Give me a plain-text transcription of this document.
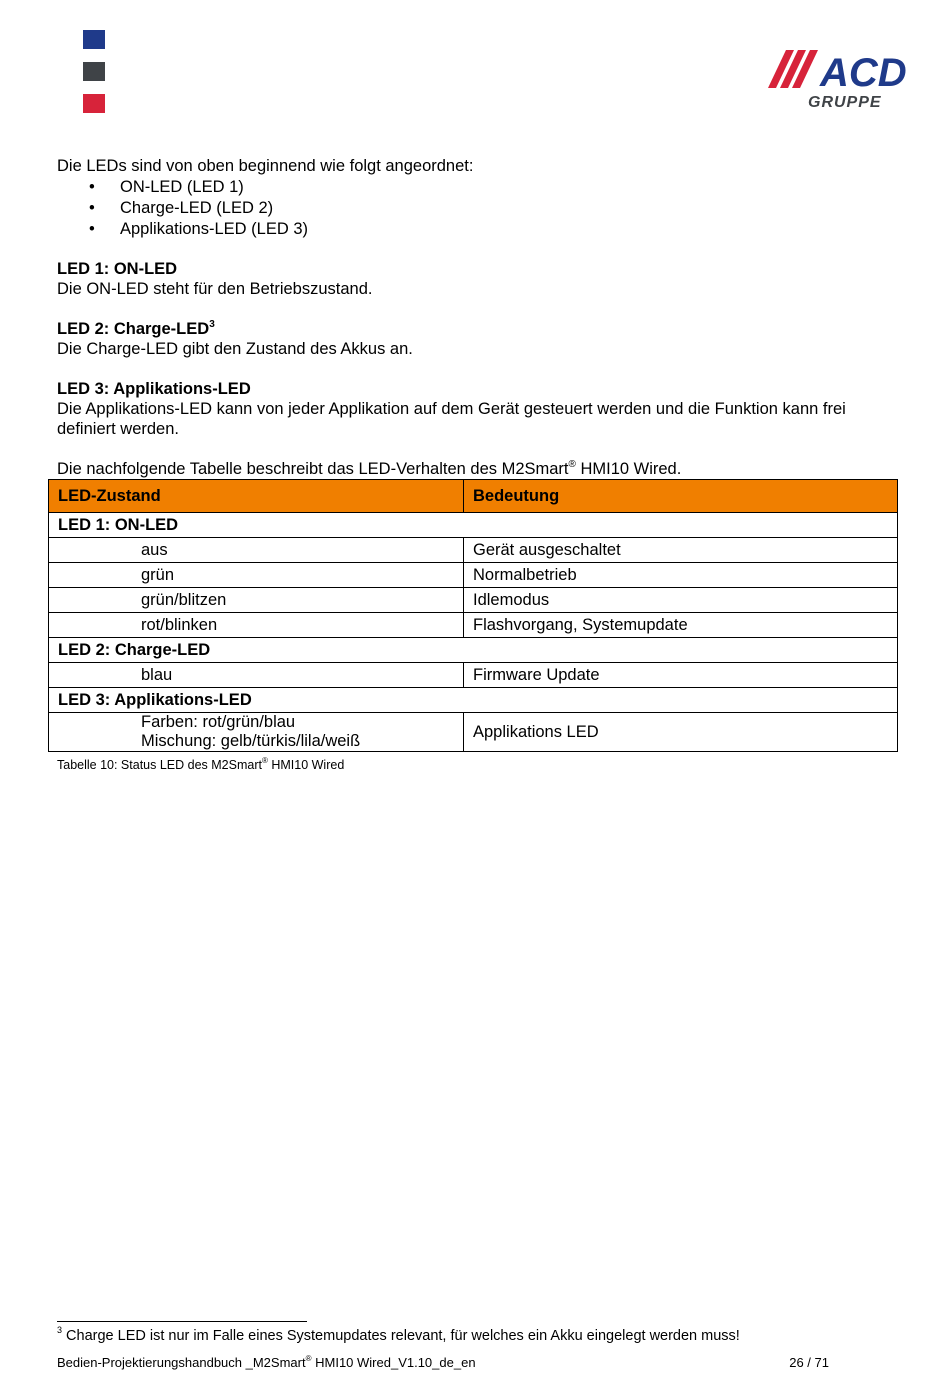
ACD
GRUPPE
Die LEDs sind von oben beginnend wie folgt angeordnet:
• ON-LED (LED 1)
• Charge-LED (LED 2)
• Applikations-LED (LED 3)
LED 1: ON-LED

Die ON-LED steht für den Betriebszustand.

LED 2: Charge-LED$^3$

Die Charge-LED gibt den Zustand des Akkus an.

LED 3: Applikations-LED

Die Applikations-LED kann von jeder Applikation auf dem Gerät gesteuert werden und die Funktion kann frei definiert werden.

Die nachfolgende Tabelle beschreibt das LED-Verhalten des M2Smart® HMI10 Wired.

LED-Zustand	Bedeutung
LED 1: ON-LED	
aus	Gerät ausgeschaltet
grün	Normalbetrieb
grün/blitzen	Idlemodus
rot/blinken	Flashvorgang, Systemupdate
LED 2: Charge-LED	
blau	Firmware Update
LED 3: Applikations-LED	

Farben: rot/grün/blau
Mischung: gelb/türkis/lila/weiß	Applikations LED
Tabelle 10: Status LED des M2Smart® HMI10 Wired
$^3$ Charge LED ist nur im Falle eines Systemupdates relevant, für welches ein Akku eingelegt werden muss!
Bedien-Projektierungshandbuch _M2Smart® HMI10 Wired_V1.10_de_en	26 / 71
